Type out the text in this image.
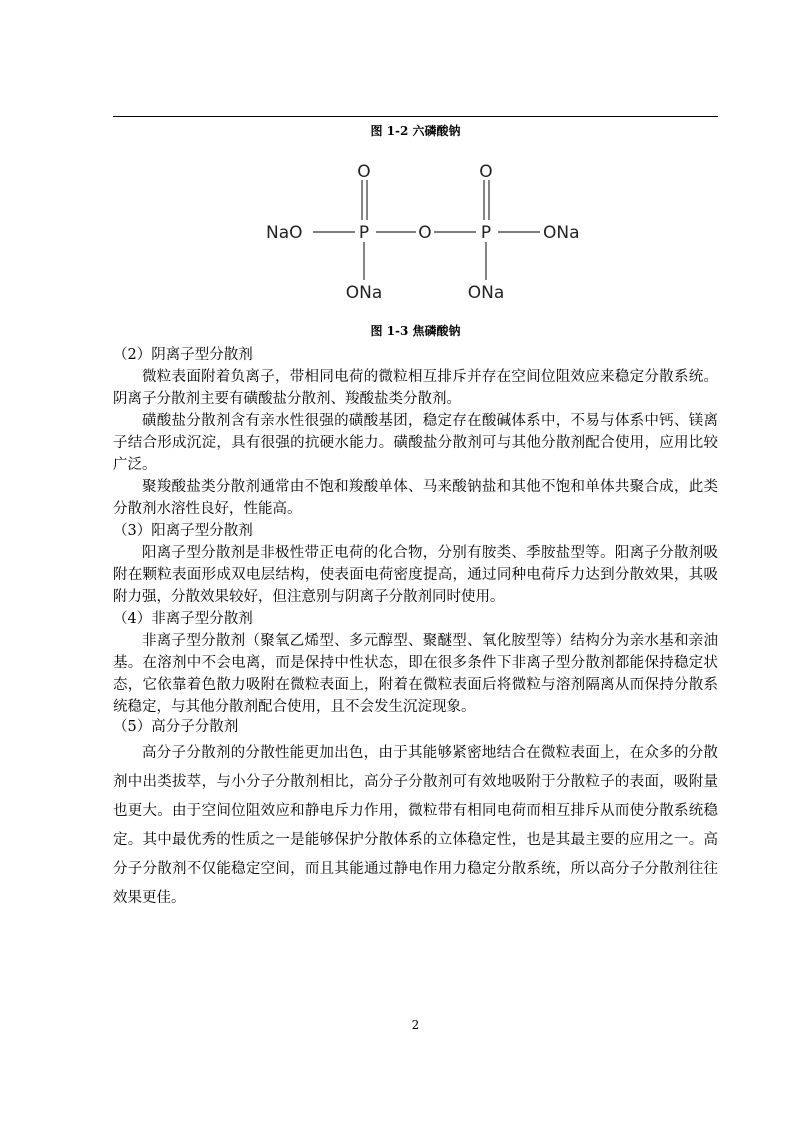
图 1-2 六磷酸钠
O	O
NaO	P	O	P	ONa
ONa	ONa
图 1-3 焦磷酸钠

（2）阴离子型分散剂

微粒表面附着负离子，带相同电荷的微粒相互排斥并存在空间位阻效应来稳定分散系统。阴离子分散剂主要有磺酸盐分散剂、羧酸盐类分散剂。

磺酸盐分散剂含有亲水性很强的磺酸基团，稳定存在酸碱体系中，不易与体系中钙、镁离子结合形成沉淀，具有很强的抗硬水能力。磺酸盐分散剂可与其他分散剂配合使用，应用比较广泛。

聚羧酸盐类分散剂通常由不饱和羧酸单体、马来酸钠盐和其他不饱和单体共聚合成，此类分散剂水溶性良好，性能高。

（3）阳离子型分散剂

阳离子型分散剂是非极性带正电荷的化合物，分别有胺类、季胺盐型等。阳离子分散剂吸附在颗粒表面形成双电层结构，使表面电荷密度提高，通过同种电荷斥力达到分散效果，其吸附力强，分散效果较好，但注意别与阴离子分散剂同时使用。

（4）非离子型分散剂

非离子型分散剂（聚氧乙烯型、多元醇型、聚醚型、氧化胺型等）结构分为亲水基和亲油基。在溶剂中不会电离，而是保持中性状态，即在很多条件下非离子型分散剂都能保持稳定状态，它依靠着色散力吸附在微粒表面上，附着在微粒表面后将微粒与溶剂隔离从而保持分散系统稳定，与其他分散剂配合使用，且不会发生沉淀现象。

（5）高分子分散剂

高分子分散剂的分散性能更加出色，由于其能够紧密地结合在微粒表面上，在众多的分散剂中出类拔萃，与小分子分散剂相比，高分子分散剂可有效地吸附于分散粒子的表面，吸附量也更大。由于空间位阻效应和静电斥力作用，微粒带有相同电荷而相互排斥从而使分散系统稳定。其中最优秀的性质之一是能够保护分散体系的立体稳定性，也是其最主要的应用之一。高分子分散剂不仅能稳定空间，而且其能通过静电作用力稳定分散系统，所以高分子分散剂往往效果更佳。

2
